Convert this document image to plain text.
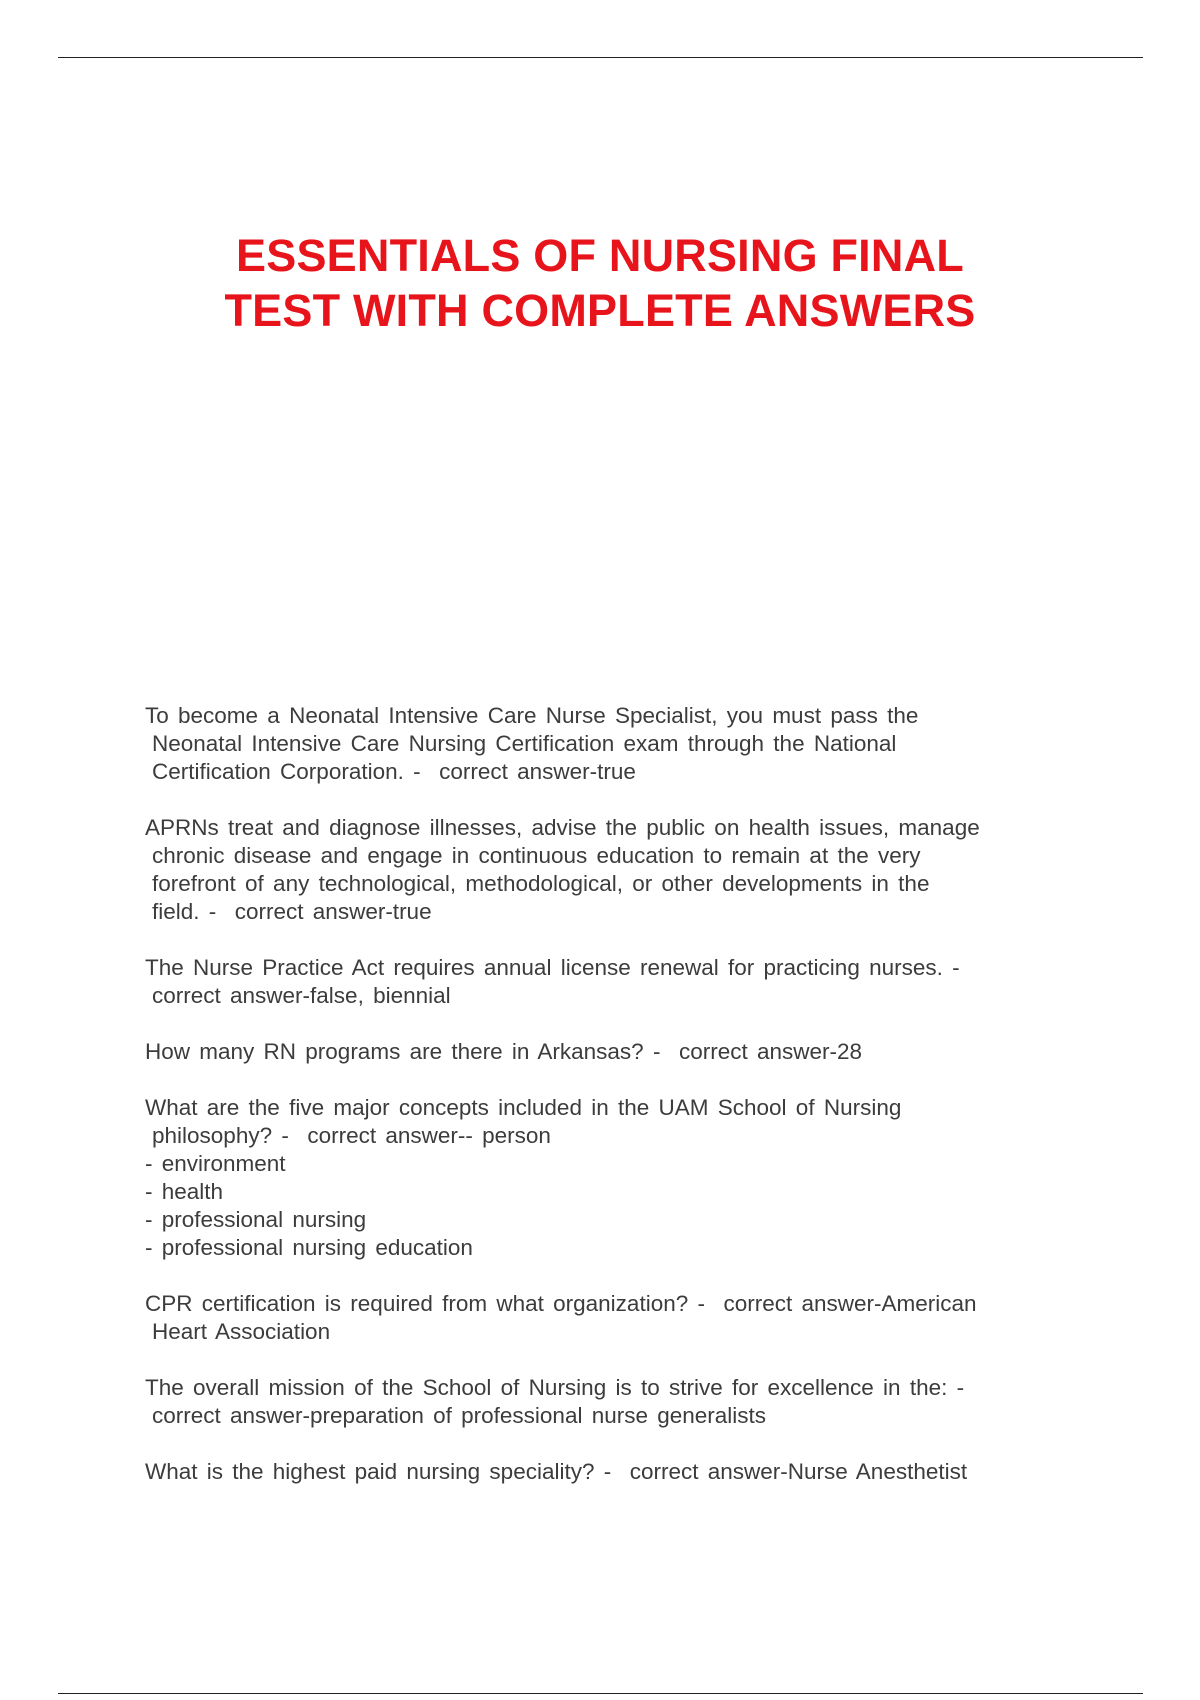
ESSENTIALS OF NURSING FINAL
TEST WITH COMPLETE ANSWERS

To become a Neonatal Intensive Care Nurse Specialist, you must pass the
Neonatal Intensive Care Nursing Certification exam through the National
Certification Corporation. -  correct answer-true

APRNs treat and diagnose illnesses, advise the public on health issues, manage
chronic disease and engage in continuous education to remain at the very
forefront of any technological, methodological, or other developments in the
field. -  correct answer-true

The Nurse Practice Act requires annual license renewal for practicing nurses. -
correct answer-false, biennial

How many RN programs are there in Arkansas? -  correct answer-28

What are the five major concepts included in the UAM School of Nursing
philosophy? -  correct answer-- person
- environment
- health
- professional nursing
- professional nursing education

CPR certification is required from what organization? -  correct answer-American
Heart Association

The overall mission of the School of Nursing is to strive for excellence in the: -
correct answer-preparation of professional nurse generalists

What is the highest paid nursing speciality? -  correct answer-Nurse Anesthetist
